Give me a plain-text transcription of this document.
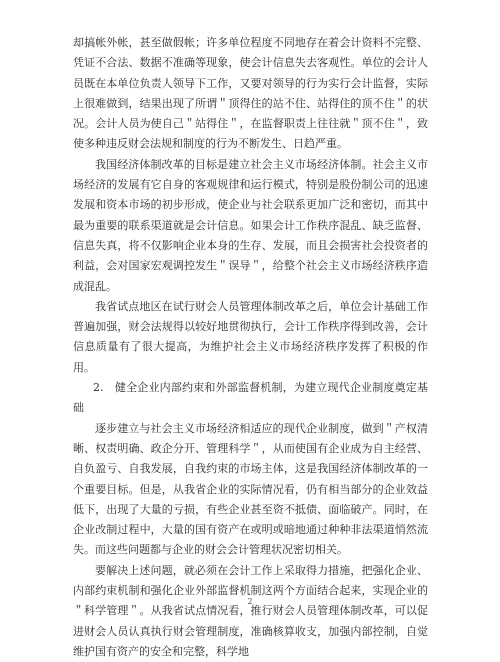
却搞帐外帐，甚至做假帐；许多单位程度不同地存在着会计资料不完整、凭证不合法、数据不准确等现象，使会计信息失去客观性。单位的会计人员既在本单位负责人领导下工作，又要对领导的行为实行会计监督，实际上很难做到，结果出现了所谓＂顶得住的站不住、站得住的顶不住＂的状况。会计人员为使自己＂站得住＂，在监督职责上往往就＂顶不住＂，致使多种违反财会法规和制度的行为不断发生、日趋严重。

我国经济体制改革的目标是建立社会主义市场经济体制。社会主义市场经济的发展有它自身的客观规律和运行模式，特别是股份制公司的迅速发展和资本市场的初步形成，使企业与社会联系更加广泛和密切，而其中最为重要的联系渠道就是会计信息。如果会计工作秩序混乱、缺乏监督、信息失真，将不仅影响企业本身的生存、发展，而且会损害社会投资者的利益，会对国家宏观调控发生＂误导＂，给整个社会主义市场经济秩序造成混乱。

我省试点地区在试行财会人员管理体制改革之后，单位会计基础工作普遍加强，财会法规得以较好地贯彻执行，会计工作秩序得到改善，会计信息质量有了很大提高，为维护社会主义市场经济秩序发挥了积极的作用。

2.　健全企业内部约束和外部监督机制，为建立现代企业制度奠定基础

逐步建立与社会主义市场经济相适应的现代企业制度，做到＂产权清晰、权责明确、政企分开、管理科学＂，从而使国有企业成为自主经营、自负盈亏、自我发展，自我约束的市场主体，这是我国经济体制改革的一个重要目标。但是，从我省企业的实际情况看，仍有相当部分的企业效益低下，出现了大量的亏损，有些企业甚至资不抵债、面临破产。同时，在企业改制过程中，大量的国有资产在或明或暗地通过种种非法渠道悄然流失。而这些问题都与企业的财会会计管理状况密切相关。

要解决上述问题，就必须在会计工作上采取得力措施，把强化企业、内部约束机制和强化企业外部监督机制这两个方面结合起来，实现企业的＂科学管理＂。从我省试点情况看，推行财会人员管理体制改革，可以促进财会人员认真执行财会管理制度，准确核算收支，加强内部控制，自觉维护国有资产的安全和完整，科学地

2
